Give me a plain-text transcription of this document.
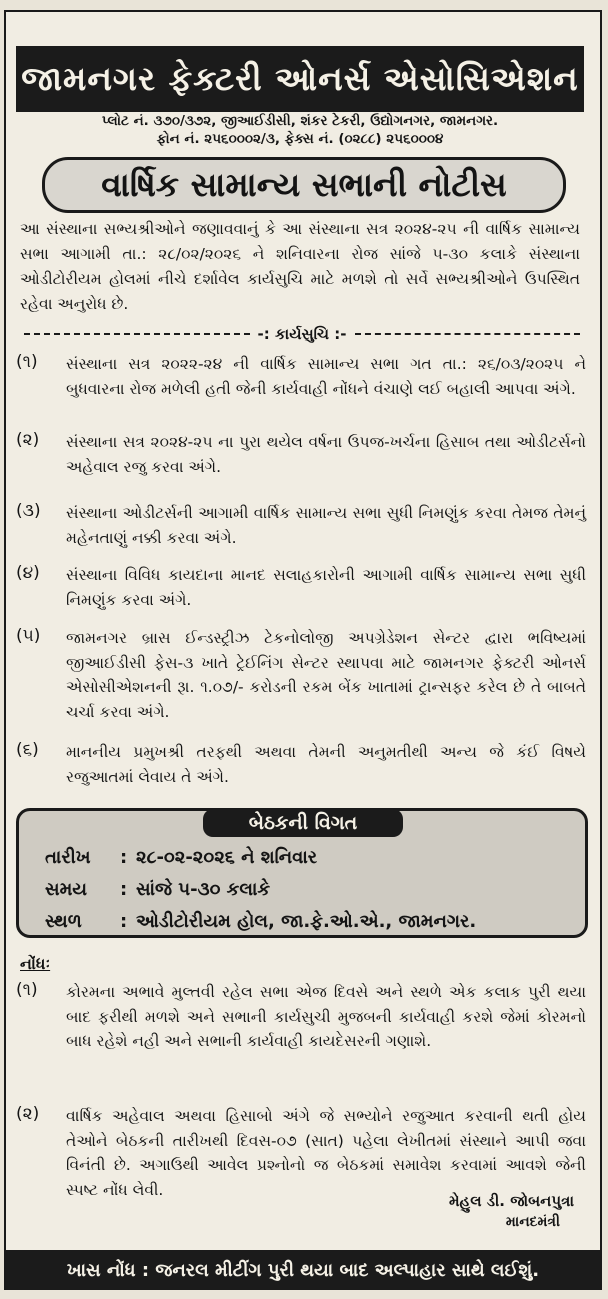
જામનગર ફેક્ટરી ઓનર્સ એસોસિએશન
પ્લોટ નં. ૩૭૦/૩૭૨, જીઆઈડીસી, શંકર ટેકરી, ઉદ્યોગનગર, જામનગર.
ફોન નં. ૨૫૬૦૦૦૨/૩, ફેક્સ નં. (૦૨૮૮) ૨૫૬૦૦૦૪
વાર્ષિક સામાન્ય સભાની નોટીસ
આ સંસ્થાના સભ્યશ્રીઓને જણાવવાનું કે આ સંસ્થાના સત્ર ૨૦૨૪-૨૫ ની વાર્ષિક સામાન્ય સભા આગામી તા.: ૨૮/૦૨/૨૦૨૬ ને શનિવારના રોજ સાંજે ૫-૩૦ કલાકે સંસ્થાના ઓડીટોરીયમ હોલમાં નીચે દર્શાવેલ કાર્યસુચિ માટે મળશે તો સર્વે સભ્યશ્રીઓને ઉપસ્થિત રહેવા અનુરોધ છે.
-: કાર્યસુચિ :-
(૧) સંસ્થાના સત્ર ૨૦૨૨-૨૪ ની વાર્ષિક સામાન્ય સભા ગત તા.: ૨૬/૦૩/૨૦૨૫ ને બુધવારના રોજ મળેલી હતી જેની કાર્યવાહી નોંધને વંચાણે લઈ બહાલી આપવા અંગે.
(૨) સંસ્થાના સત્ર ૨૦૨૪-૨૫ ના પુરા થયેલ વર્ષના ઉપજ-ખર્ચના હિસાબ તથા ઓડીટર્સનો અહેવાલ રજુ કરવા અંગે.
(૩) સંસ્થાના ઓડીટર્સની આગામી વાર્ષિક સામાન્ય સભા સુધી નિમણુંક કરવા તેમજ તેમનું મહેનતાણું નક્કી કરવા અંગે.
(૪) સંસ્થાના વિવિધ કાયદાના માનદ સલાહકારોની આગામી વાર્ષિક સામાન્ય સભા સુધી નિમણુંક કરવા અંગે.
(૫) જામનગર બ્રાસ ઈન્ડસ્ટ્રીઝ ટેકનોલોજી અપગ્રેડેશન સેન્ટર દ્વારા ભવિષ્યમાં જીઆઈડીસી ફેસ-૩ ખાતે ટ્રેઈનિંગ સેન્ટર સ્થાપવા માટે જામનગર ફેક્ટરી ઓનર્સ એસોસીએશનની રૂા. ૧.૦૭/- કરોડની રકમ બેંક ખાતામાં ટ્રાન્સફર કરેલ છે તે બાબતે ચર્ચા કરવા અંગે.
(૬) માનનીય પ્રમુખશ્રી તરફથી અથવા તેમની અનુમતીથી અન્ય જે કંઈ વિષયે રજુઆતમાં લેવાય તે અંગે.
બેઠકની વિગત
તારીખ	: ૨૮-૦૨-૨૦૨૬ ને શનિવાર
સમય	: સાંજે ૫-૩૦ કલાકે
સ્થળ	: ઓડીટોરીયમ હોલ, જા.ફે.ઓ.એ., જામનગર.
નોંધઃ
(૧) કોરમના અભાવે મુલ્તવી રહેલ સભા એજ દિવસે અને સ્થળે એક કલાક પુરી થયા બાદ ફરીથી મળશે અને સભાની કાર્યસુચી મુજબની કાર્યવાહી કરશે જેમાં કોરમનો બાધ રહેશે નહી અને સભાની કાર્યવાહી કાયદેસરની ગણાશે.
(૨) વાર્ષિક અહેવાલ અથવા હિસાબો અંગે જે સભ્યોને રજુઆત કરવાની થતી હોય તેઓને બેઠકની તારીખથી દિવસ-૦૭ (સાત) પહેલા લેખીતમાં સંસ્થાને આપી જવા વિનંતી છે. અગાઉથી આવેલ પ્રશ્નોનો જ બેઠકમાં સમાવેશ કરવામાં આવશે જેની સ્પષ્ટ નોંધ લેવી.
મેહુલ ડી. જોબનપુત્રા
માનદમંત્રી
ખાસ નોંધ : જનરલ મીટીંગ પુરી થયા બાદ અલ્પાહાર સાથે લઈશું.
